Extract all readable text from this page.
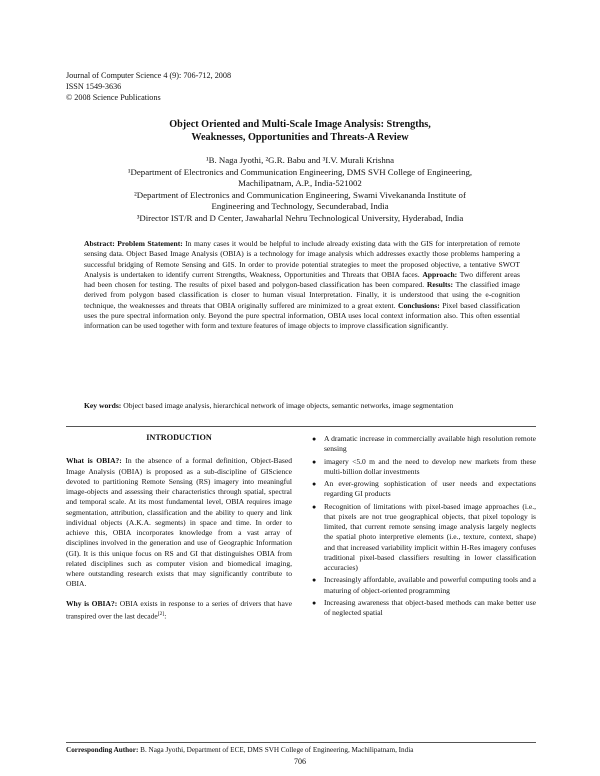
Journal of Computer Science 4 (9): 706-712, 2008
ISSN 1549-3636
© 2008 Science Publications
Object Oriented and Multi-Scale Image Analysis: Strengths,
Weaknesses, Opportunities and Threats-A Review
¹B. Naga Jyothi, ²G.R. Babu and ³I.V. Murali Krishna
¹Department of Electronics and Communication Engineering, DMS SVH College of Engineering,
Machilipatnam, A.P., India-521002
²Department of Electronics and Communication Engineering, Swami Vivekananda Institute of
Engineering and Technology, Secunderabad, India
³Director IST/R and D Center, Jawaharlal Nehru Technological University, Hyderabad, India
Abstract: Problem Statement: In many cases it would be helpful to include already existing data with the GIS for interpretation of remote sensing data. Object Based Image Analysis (OBIA) is a technology for image analysis which addresses exactly those problems hampering a successful bridging of Remote Sensing and GIS. In order to provide potential strategies to meet the proposed objective, a tentative SWOT Analysis is undertaken to identify current Strengths, Weakness, Opportunities and Threats that OBIA faces. Approach: Two different areas had been chosen for testing. The results of pixel based and polygon-based classification has been compared. Results: The classified image derived from polygon based classification is closer to human visual Interpretation. Finally, it is understood that using the e-cognition technique, the weaknesses and threats that OBIA originally suffered are minimized to a great extent. Conclusions: Pixel based classification uses the pure spectral information only. Beyond the pure spectral information, OBIA uses local context information also. This often essential information can be used together with form and texture features of image objects to improve classification significantly.
Key words: Object based image analysis, hierarchical network of image objects, semantic networks, image segmentation
INTRODUCTION

What is OBIA?: In the absence of a formal definition, Object-Based Image Analysis (OBIA) is proposed as a sub-discipline of GIScience devoted to partitioning Remote Sensing (RS) imagery into meaningful image-objects and assessing their characteristics through spatial, spectral and temporal scale. At its most fundamental level, OBIA requires image segmentation, attribution, classification and the ability to query and link individual objects (A.K.A. segments) in space and time. In order to achieve this, OBIA incorporates knowledge from a vast array of disciplines involved in the generation and use of Geographic Information (GI). It is this unique focus on RS and GI that distinguishes OBIA from related disciplines such as computer vision and biomedical imaging, where outstanding research exists that may significantly contribute to OBIA.

Why is OBIA?: OBIA exists in response to a series of drivers that have transpired over the last decade[2]:

● A dramatic increase in commercially available high resolution remote sensing
● imagery <5.0 m and the need to develop new markets from these multi-billion dollar investments
● An ever-growing sophistication of user needs and expectations regarding GI products
● Recognition of limitations with pixel-based image approaches (i.e., that pixels are not true geographical objects, that pixel topology is limited, that current remote sensing image analysis largely neglects the spatial photo interpretive elements (i.e., texture, context, shape) and that increased variability implicit within H-Res imagery confuses traditional pixel-based classifiers resulting in lower classification accuracies)
● Increasingly affordable, available and powerful computing tools and a maturing of object-oriented programming
● Increasing awareness that object-based methods can make better use of neglected spatial
Corresponding Author: B. Naga Jyothi, Department of ECE, DMS SVH College of Engineering, Machilipatnam, India
706
